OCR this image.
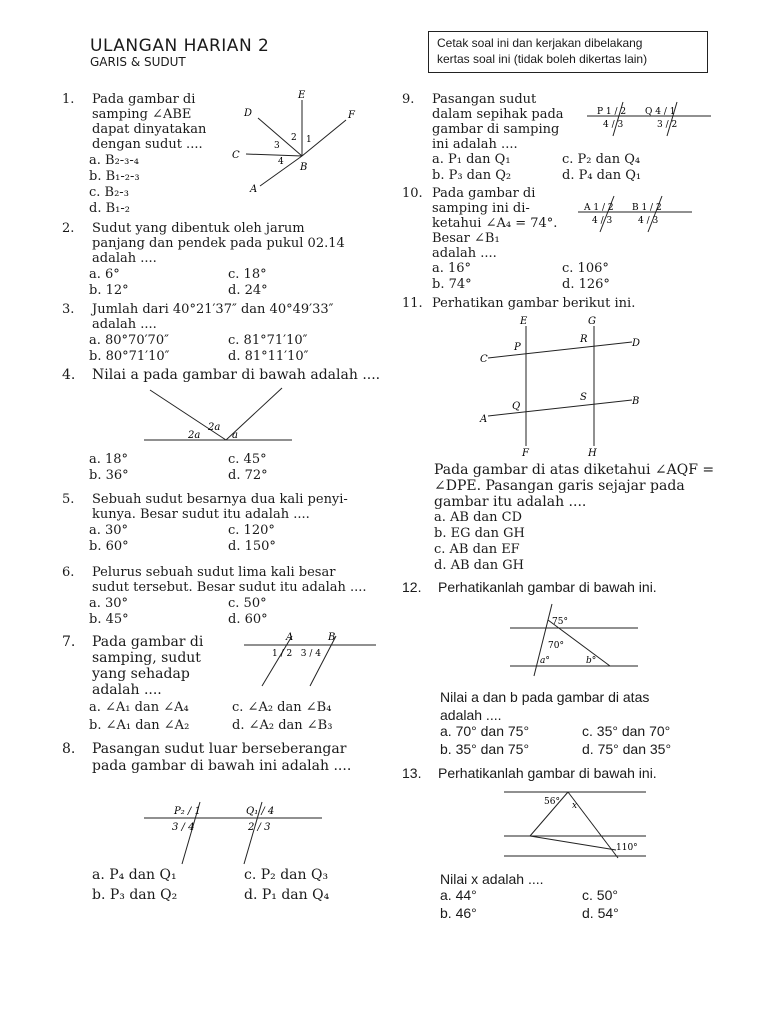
ULANGAN HARIAN 2
GARIS & SUDUT
Cetak soal ini dan kerjakan dibelakang
kertas soal ini (tidak boleh dikertas lain)
1. Pada gambar di
samping ∠ABE
dapat dinyatakan
dengan sudut ....
a. B₂‑₃‑₄
b. B₁‑₂‑₃
c. B₂‑₃
d. B₁‑₂
E
D	F
C
B
A
1
2
3
4
2. Sudut yang dibentuk oleh jarum
panjang dan pendek pada pukul 02.14
adalah ....
a. 6°
b. 12°
c. 18°
d. 24°
3. Jumlah dari 40°21′37″ dan 40°49′33″
adalah ....
a. 80°70′70″
b. 80°71′10″
c. 81°71′10″
d. 81°11′10″
4. Nilai a pada gambar di bawah adalah ....
2a
2a	a
a. 18°
b. 36°
c. 45°
d. 72°
5. Sebuah sudut besarnya dua kali penyi-
kunya. Besar sudut itu adalah ....
a. 30°
b. 60°
c. 120°
d. 150°
6. Pelurus sebuah sudut lima kali besar
sudut tersebut. Besar sudut itu adalah ....
a. 30°
b. 45°
c. 50°
d. 60°
7. Pada gambar di
samping, sudut
yang sehadap
adalah ....
a. ∠A₁ dan ∠A₄
b. ∠A₁ dan ∠A₂
c. ∠A₂ dan ∠B₄
d. ∠A₂ dan ∠B₃
A	B
1 / 2   3 / 4
8. Pasangan sudut luar berseberangar
pada gambar di bawah ini adalah ....
P₂ / 1	Q₁ / 4
3 / 4	2 / 3
a. P₄ dan Q₁
b. P₃ dan Q₂
c. P₂ dan Q₃
d. P₁ dan Q₄
9. Pasangan sudut
dalam sepihak pada
gambar di samping
ini adalah ....
a. P₁ dan Q₁
b. P₃ dan Q₂
c. P₂ dan Q₄
d. P₄ dan Q₁
P 1 / 2 Q 4 / 1
4 / 3	3 / 2
10. Pada gambar di
samping ini di-
ketahui ∠A₄ = 74°.
Besar ∠B₁
adalah ....
a. 16°
b. 74°
c. 106°
d. 126°
A 1 / 2 B 1 / 2
4 / 3	4 / 3
11. Perhatikan gambar berikut ini.
E	G
P
R
C
D
Q
S
A
B
F	H
Pada gambar di atas diketahui ∠AQF =
∠DPE. Pasangan garis sejajar pada
gambar itu adalah ....
a. AB dan CD
b. EG dan GH
c. AB dan EF
d. AB dan GH
12. Perhatikanlah gambar di bawah ini.
75°
70°
a°	b°
Nilai a dan b pada gambar di atas
adalah ....
a. 70° dan 75°
b. 35° dan 75°
c. 35° dan 70°
d. 75° dan 35°
13. Perhatikanlah gambar di bawah ini.
56° x
110°
Nilai x adalah ....
a. 44°
b. 46°
c. 50°
d. 54°
